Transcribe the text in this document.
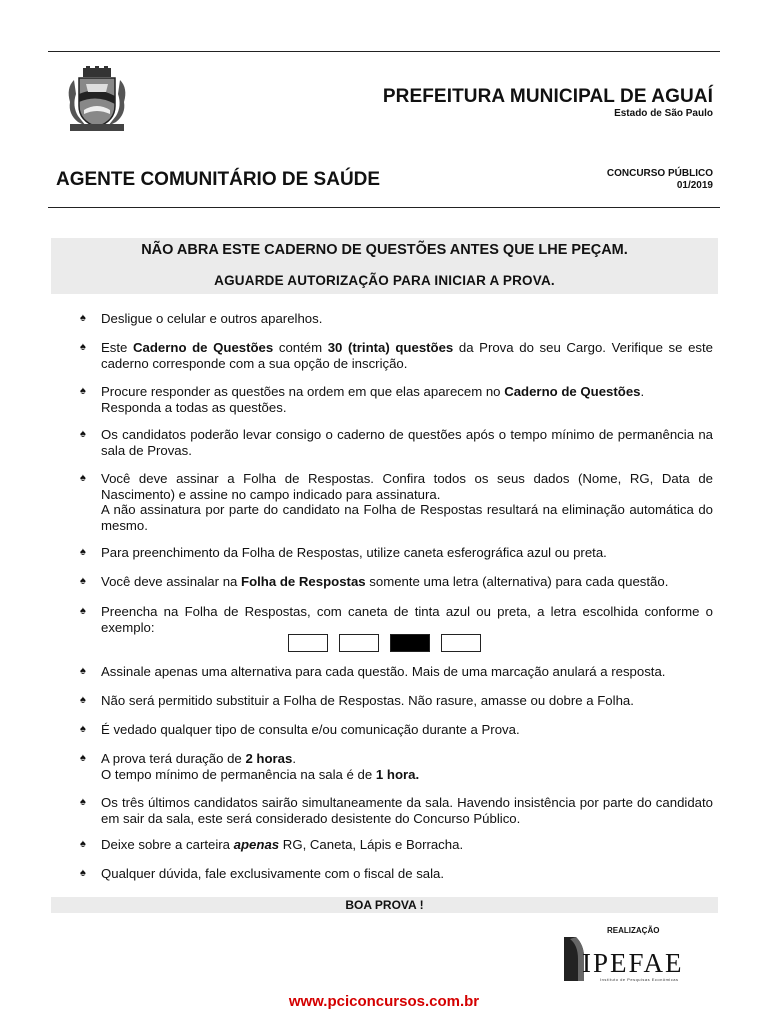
PREFEITURA MUNICIPAL DE AGUAÍ
Estado de São Paulo
AGENTE COMUNITÁRIO DE SAÚDE	CONCURSO PÚBLICO
01/2019
NÃO ABRA ESTE CADERNO DE QUESTÕES ANTES QUE LHE PEÇAM.
AGUARDE AUTORIZAÇÃO PARA INICIAR A PROVA.
♠ Desligue o celular e outros aparelhos.
♠ Este Caderno de Questões contém 30 (trinta) questões da Prova do seu Cargo. Verifique se este caderno corresponde com a sua opção de inscrição.
♠ Procure responder as questões na ordem em que elas aparecem no Caderno de Questões.
Responda a todas as questões.
♠ Os candidatos poderão levar consigo o caderno de questões após o tempo mínimo de permanência na sala de Provas.
♠ Você deve assinar a Folha de Respostas. Confira todos os seus dados (Nome, RG, Data de Nascimento) e assine no campo indicado para assinatura.
A não assinatura por parte do candidato na Folha de Respostas resultará na eliminação automática do mesmo.
♠ Para preenchimento da Folha de Respostas, utilize caneta esferográfica azul ou preta.
♠ Você deve assinalar na Folha de Respostas somente uma letra (alternativa) para cada questão.
♠ Preencha na Folha de Respostas, com caneta de tinta azul ou preta, a letra escolhida conforme o exemplo:
♠ Assinale apenas uma alternativa para cada questão. Mais de uma marcação anulará a resposta.
♠ Não será permitido substituir a Folha de Respostas. Não rasure, amasse ou dobre a Folha.
♠ É vedado qualquer tipo de consulta e/ou comunicação durante a Prova.
♠ A prova terá duração de 2 horas.
O tempo mínimo de permanência na sala é de 1 hora.
♠ Os três últimos candidatos sairão simultaneamente da sala. Havendo insistência por parte do candidato em sair da sala, este será considerado desistente do Concurso Público.
♠ Deixe sobre a carteira apenas RG, Caneta, Lápis e Borracha.
♠ Qualquer dúvida, fale exclusivamente com o fiscal de sala.
BOA PROVA !
REALIZAÇÃO
IPEFAE
Instituto de Pesquisas Econômicas
www.pciconcursos.com.br
